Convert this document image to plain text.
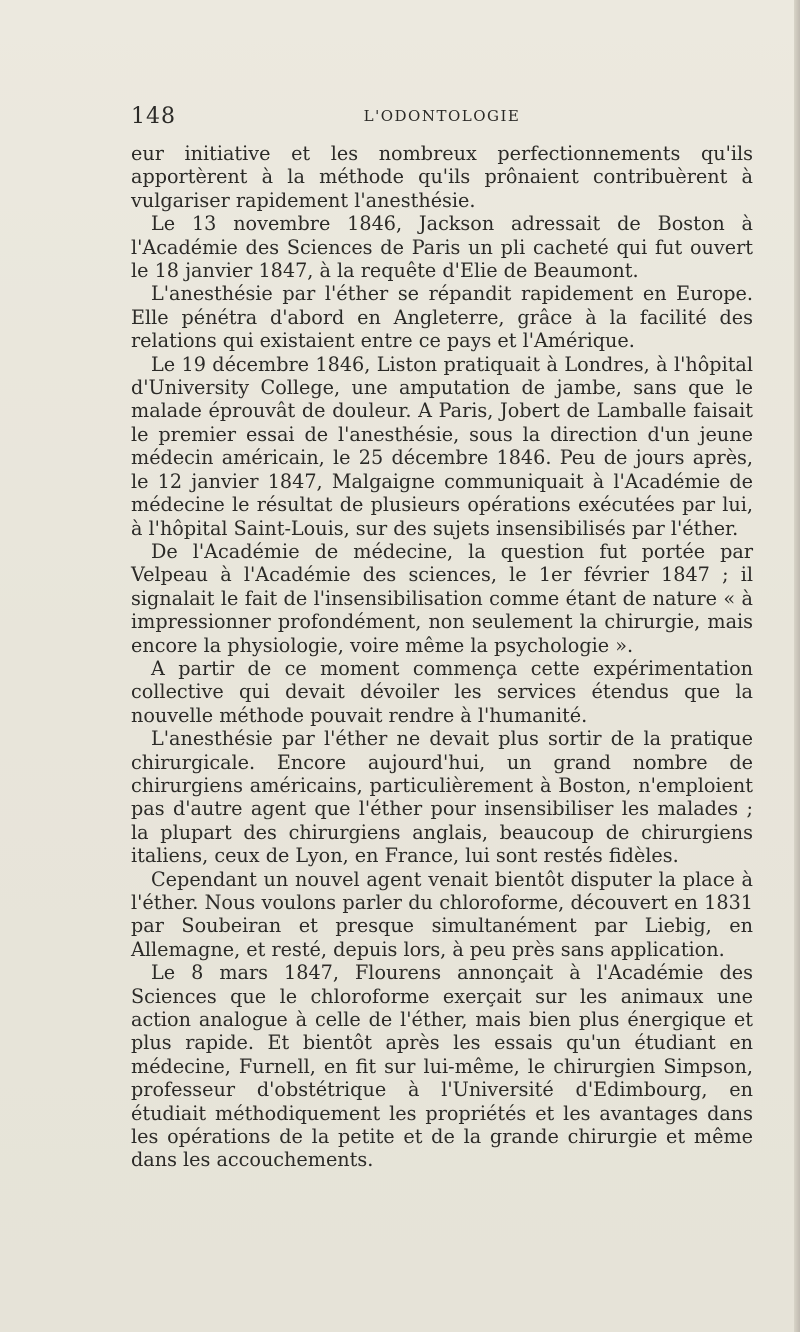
148	L'ODONTOLOGIE

eur initiative et les nombreux perfectionnements qu'ils apportèrent à la méthode qu'ils prônaient contribuèrent à vulgariser rapidement l'anesthésie.

Le 13 novembre 1846, Jackson adressait de Boston à l'Académie des Sciences de Paris un pli cacheté qui fut ouvert le 18 janvier 1847, à la requête d'Elie de Beaumont.

L'anesthésie par l'éther se répandit rapidement en Europe. Elle pénétra d'abord en Angleterre, grâce à la facilité des relations qui existaient entre ce pays et l'Amérique.

Le 19 décembre 1846, Liston pratiquait à Londres, à l'hôpital d'University College, une amputation de jambe, sans que le malade éprouvât de douleur. A Paris, Jobert de Lamballe faisait le premier essai de l'anesthésie, sous la direction d'un jeune médecin américain, le 25 décembre 1846. Peu de jours après, le 12 janvier 1847, Malgaigne communiquait à l'Académie de médecine le résultat de plusieurs opérations exécutées par lui, à l'hôpital Saint-Louis, sur des sujets insensibilisés par l'éther.

De l'Académie de médecine, la question fut portée par Velpeau à l'Académie des sciences, le 1er février 1847 ; il signalait le fait de l'insensibilisation comme étant de nature « à impressionner profondément, non seulement la chirurgie, mais encore la physiologie, voire même la psychologie ».

A partir de ce moment commença cette expérimentation collective qui devait dévoiler les services étendus que la nouvelle méthode pouvait rendre à l'humanité.

L'anesthésie par l'éther ne devait plus sortir de la pratique chirurgicale. Encore aujourd'hui, un grand nombre de chirurgiens américains, particulièrement à Boston, n'emploient pas d'autre agent que l'éther pour insensibiliser les malades ; la plupart des chirurgiens anglais, beaucoup de chirurgiens italiens, ceux de Lyon, en France, lui sont restés fidèles.

Cependant un nouvel agent venait bientôt disputer la place à l'éther. Nous voulons parler du chloroforme, découvert en 1831 par Soubeiran et presque simultanément par Liebig, en Allemagne, et resté, depuis lors, à peu près sans application.

Le 8 mars 1847, Flourens annonçait à l'Académie des Sciences que le chloroforme exerçait sur les animaux une action analogue à celle de l'éther, mais bien plus énergique et plus rapide. Et bientôt après les essais qu'un étudiant en médecine, Furnell, en fit sur lui-même, le chirurgien Simpson, professeur d'obstétrique à l'Université d'Edimbourg, en étudiait méthodiquement les propriétés et les avantages dans les opérations de la petite et de la grande chirurgie et même dans les accouchements.
